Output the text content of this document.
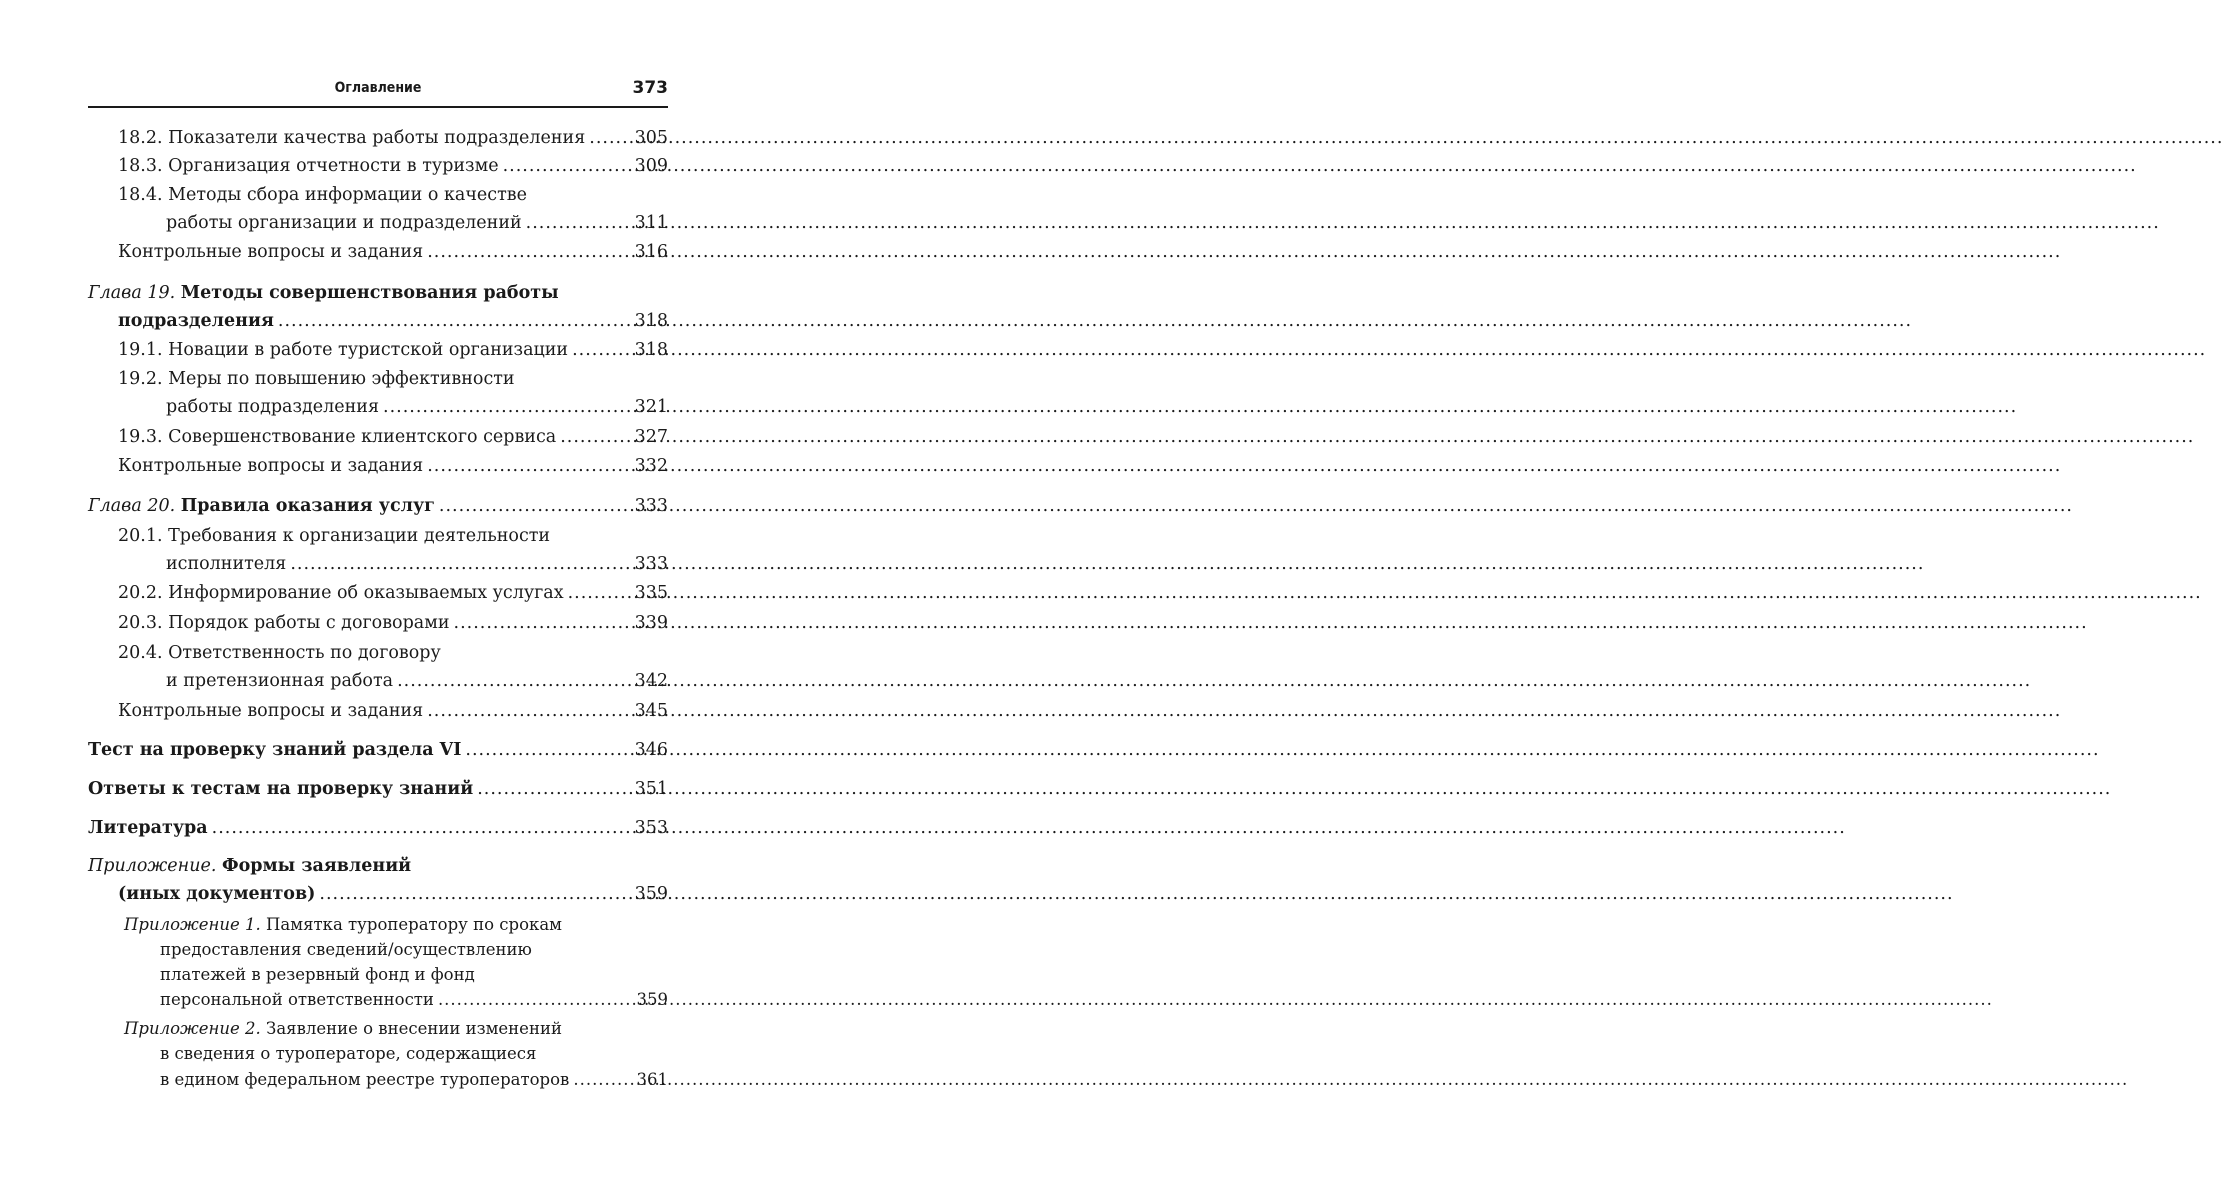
Оглавление	373
18.2. Показатели качества работы подразделения .....	305
18.3. Организация отчетности в туризме .....	309
18.4. Методы сбора информации о качестве
работы организации и подразделений .....	311
Контрольные вопросы и задания .....	316
Глава 19. Методы совершенствования работы
подразделения .....	318
19.1. Новации в работе туристской организации .....	318
19.2. Меры по повышению эффективности
работы подразделения .....	321
19.3. Совершенствование клиентского сервиса .....	327
Контрольные вопросы и задания .....	332
Глава 20. Правила оказания услуг .....	333
20.1. Требования к организации деятельности
исполнителя .....	333
20.2. Информирование об оказываемых услугах .....	335
20.3. Порядок работы с договорами .....	339
20.4. Ответственность по договору
и претензионная работа .....	342
Контрольные вопросы и задания .....	345
Тест на проверку знаний раздела VI .....	346
Ответы к тестам на проверку знаний .....	351
Литература .....	353
Приложение. Формы заявлений
(иных документов) .....	359
Приложение 1. Памятка туроператору по срокам
предоставления сведений/осуществлению
платежей в резервный фонд и фонд
персональной ответственности .....	359
Приложение 2. Заявление о внесении изменений
в сведения о туроператоре, содержащиеся
в едином федеральном реестре туроператоров .....	361
